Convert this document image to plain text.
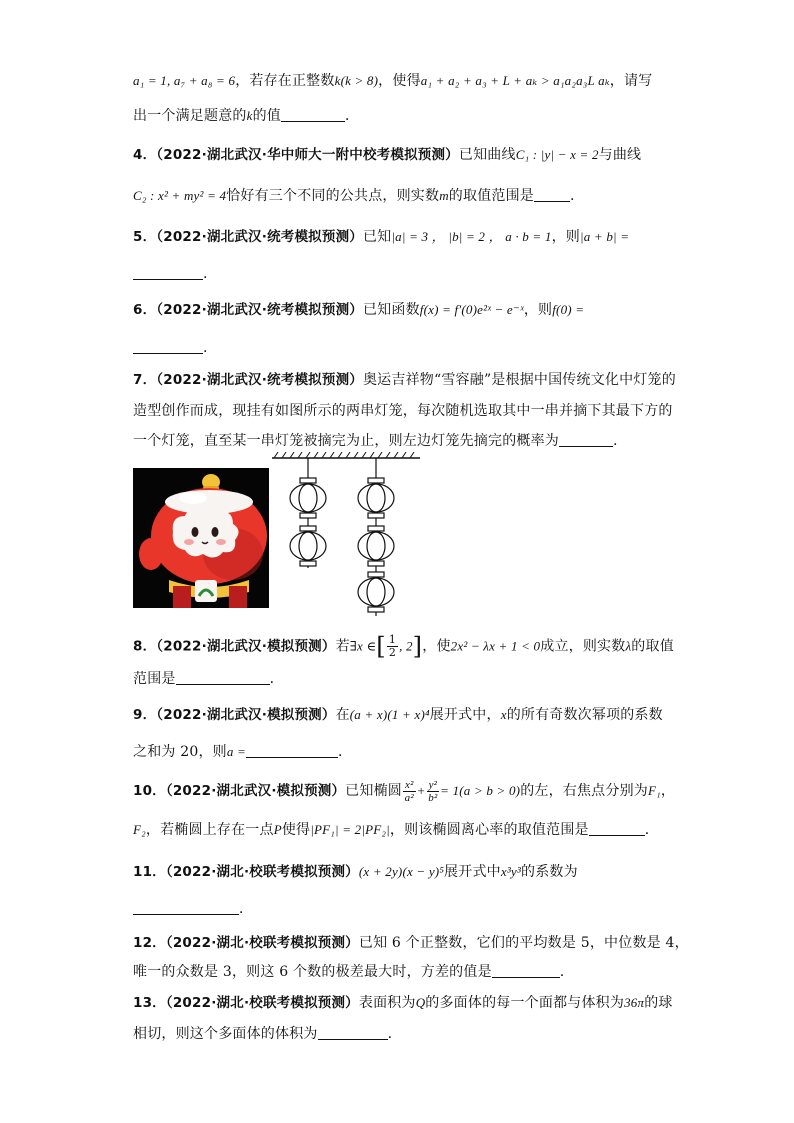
a₁ = 1, a₇ + a₈ = 6，若存在正整数k(k > 8)，使得a₁ + a₂ + a₃ + L + aₖ > a₁a₂a₃L aₖ，请写
出一个满足题意的k的值	．
4．（2022·湖北武汉·华中师大一附中校考模拟预测）已知曲线C₁ : |y| − x = 2与曲线
C₂ : x² + my² = 4恰好有三个不同的公共点，则实数m的取值范围是	.
5．（2022·湖北武汉·统考模拟预测）已知|a| = 3 ， |b| = 2 ， a · b = 1，则|a + b| =
.
6．（2022·湖北武汉·统考模拟预测）已知函数f(x) = f′(0)e²ˣ − e⁻ˣ，则f(0) =
.
7．（2022·湖北武汉·统考模拟预测）奥运吉祥物“雪容融”是根据中国传统文化中灯笼的
造型创作而成，现挂有如图所示的两串灯笼，每次随机选取其中一串并摘下其最下方的
一个灯笼，直至某一串灯笼被摘完为止，则左边灯笼先摘完的概率为	.
8．（2022·湖北武汉·模拟预测）若∃x ∈[ $\frac{1}{2}$ , 2]，使2x² − λx + 1 < 0成立，则实数λ的取值
范围是	．
9．（2022·湖北武汉·模拟预测）在(a + x)(1 + x)⁴展开式中，x的所有奇数次幂项的系数
之和为 20，则a =	．
10．（2022·湖北武汉·模拟预测）已知椭圆 $\frac{\text{x²}}{\text{a²}} + \frac{\text{y²}}{\text{b²}} = 1(a > b > 0)$的左，右焦点分别为F₁，
F₂，若椭圆上存在一点P使得|PF₁| = 2|PF₂|，则该椭圆离心率的取值范围是	.
11．（2022·湖北·校联考模拟预测）(x + 2y)(x − y)⁵展开式中x³y³的系数为
．
12．（2022·湖北·校联考模拟预测）已知 6 个正整数，它们的平均数是 5，中位数是 4，
唯一的众数是 3，则这 6 个数的极差最大时，方差的值是	.
13．（2022·湖北·校联考模拟预测）表面积为Q的多面体的每一个面都与体积为36π的球
相切，则这个多面体的体积为	.
